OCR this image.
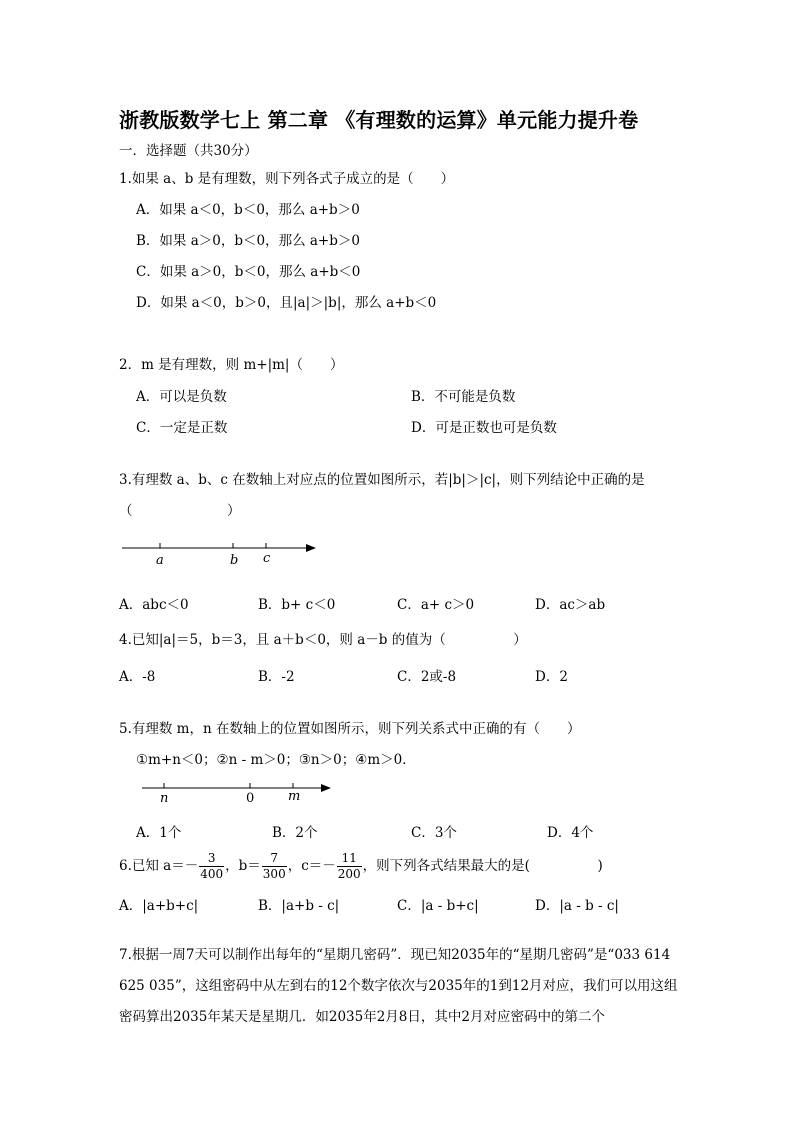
浙教版数学七上 第二章 《有理数的运算》单元能力提升卷
一．选择题（共30分）
1.如果 a、b 是有理数，则下列各式子成立的是（　　）
A．如果 a＜0，b＜0，那么 a+b＞0
B．如果 a＞0，b＜0，那么 a+b＞0
C．如果 a＞0，b＜0，那么 a+b＜0
D．如果 a＜0，b＞0，且|a|＞|b|，那么 a+b＜0
2．m 是有理数，则 m+|m|（　　）
A．可以是负数	B．不可能是负数
C．一定是正数	D．可是正数也可是负数
3.有理数 a、b、c 在数轴上对应点的位置如图所示，若|b|＞|c|，则下列结论中正确的是
（　　　　　　　）
a	b c
A．abc＜0	B．b+ c＜0	C．a+ c＞0	D．ac＞ab
4.已知|a|＝5，b＝3，且 a＋b＜0，则 a－b 的值为（　　　　　）
A．-8	B．-2	C．2或-8	D．2
5.有理数 m，n 在数轴上的位置如图所示，则下列关系式中正确的有（　　）
①m+n＜0；②n - m＞0；③n＞0；④m＞0．
n	0	m
A．1个	B．2个	C．3个	D．4个
6.已知 $a=- \frac{3}{400}$ ，$b= \frac{7}{300}$ ，$c=- \frac{11}{200}$ ，则下列各式结果最大的是(　　　　　)
A．|a+b+c|	B．|a+b - c|	C．|a - b+c|	D．|a - b - c|
7.根据一周7天可以制作出每年的“星期几密码”．现已知2035年的“星期几密码”是“033 614 625 035”，这组密码中从左到右的12个数字依次与2035年的1到12月对应，我们可以用这组密码算出2035年某天是星期几．如2035年2月8日，其中2月对应密码中的第二个
